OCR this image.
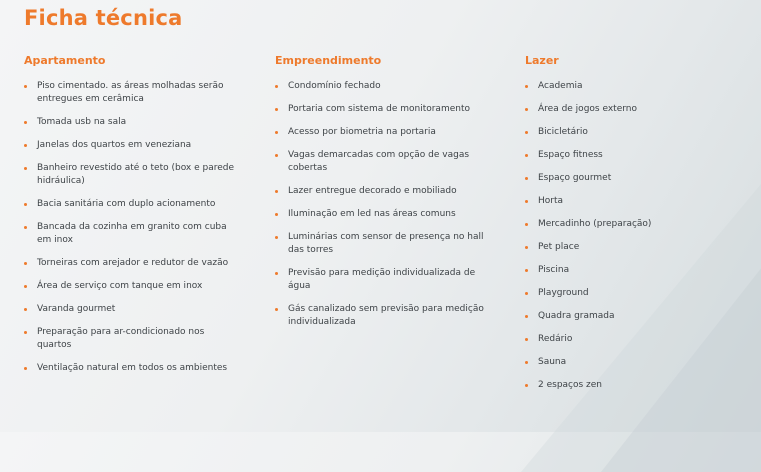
Ficha técnica
Apartamento
Piso cimentado. as áreas molhadas serão entregues em cerâmica
Tomada usb na sala
Janelas dos quartos em veneziana
Banheiro revestido até o teto (box e parede hidráulica)
Bacia sanitária com duplo acionamento
Bancada da cozinha em granito com cuba em inox
Torneiras com arejador e redutor de vazão
Área de serviço com tanque em inox
Varanda gourmet
Preparação para ar-condicionado nos quartos
Ventilação natural em todos os ambientes
Empreendimento
Condomínio fechado
Portaria com sistema de monitoramento
Acesso por biometria na portaria
Vagas demarcadas com opção de vagas cobertas
Lazer entregue decorado e mobiliado
Iluminação em led nas áreas comuns
Luminárias com sensor de presença no hall das torres
Previsão para medição individualizada de água
Gás canalizado sem previsão para medição individualizada
Lazer
Academia
Área de jogos externo
Bicicletário
Espaço fitness
Espaço gourmet
Horta
Mercadinho (preparação)
Pet place
Piscina
Playground
Quadra gramada
Redário
Sauna
2 espaços zen
